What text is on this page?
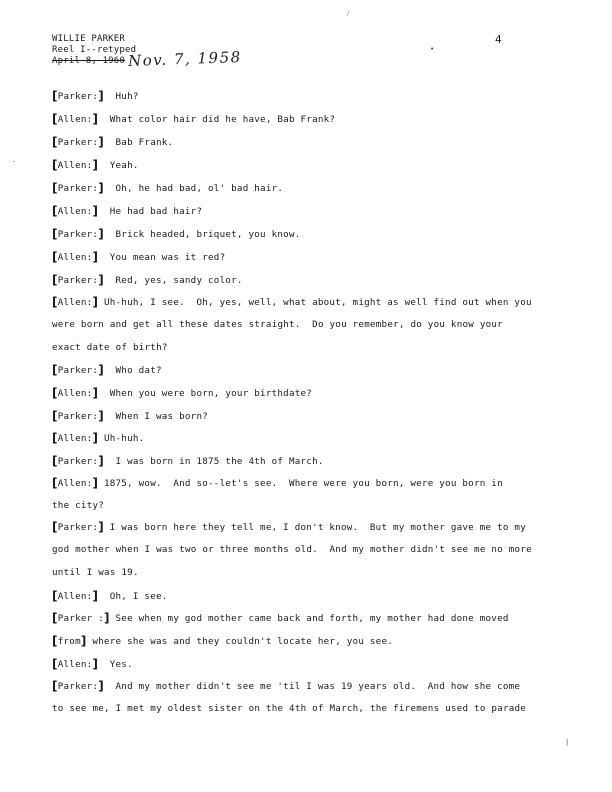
WILLIE PARKER
Reel I--retyped
April 8, 1960 Nov. 7, 1958
4
⁄
•
·
|
[Parker:]  Huh?
[Allen:]  What color hair did he have, Bab Frank?
[Parker:]  Bab Frank.
[Allen:]  Yeah.
[Parker:]  Oh, he had bad, ol' bad hair.
[Allen:]  He had bad hair?
[Parker:]  Brick headed, briquet, you know.
[Allen:]  You mean was it red?
[Parker:]  Red, yes, sandy color.
[Allen:] Uh-huh, I see.  Oh, yes, well, what about, might as well find out when you
were born and get all these dates straight.  Do you remember, do you know your
exact date of birth?
[Parker:]  Who dat?
[Allen:]  When you were born, your birthdate?
[Parker:]  When I was born?
[Allen:] Uh-huh.
[Parker:]  I was born in 1875 the 4th of March.
[Allen:] 1875, wow.  And so--let's see.  Where were you born, were you born in
the city?
[Parker:] I was born here they tell me, I don't know.  But my mother gave me to my
god mother when I was two or three months old.  And my mother didn't see me no more
until I was 19.
[Allen:]  Oh, I see.
[Parker :] See when my god mother came back and forth, my mother had done moved
[from] where she was and they couldn't locate her, you see.
[Allen:]  Yes.
[Parker:]  And my mother didn't see me 'til I was 19 years old.  And how she come
to see me, I met my oldest sister on the 4th of March, the firemens used to parade
